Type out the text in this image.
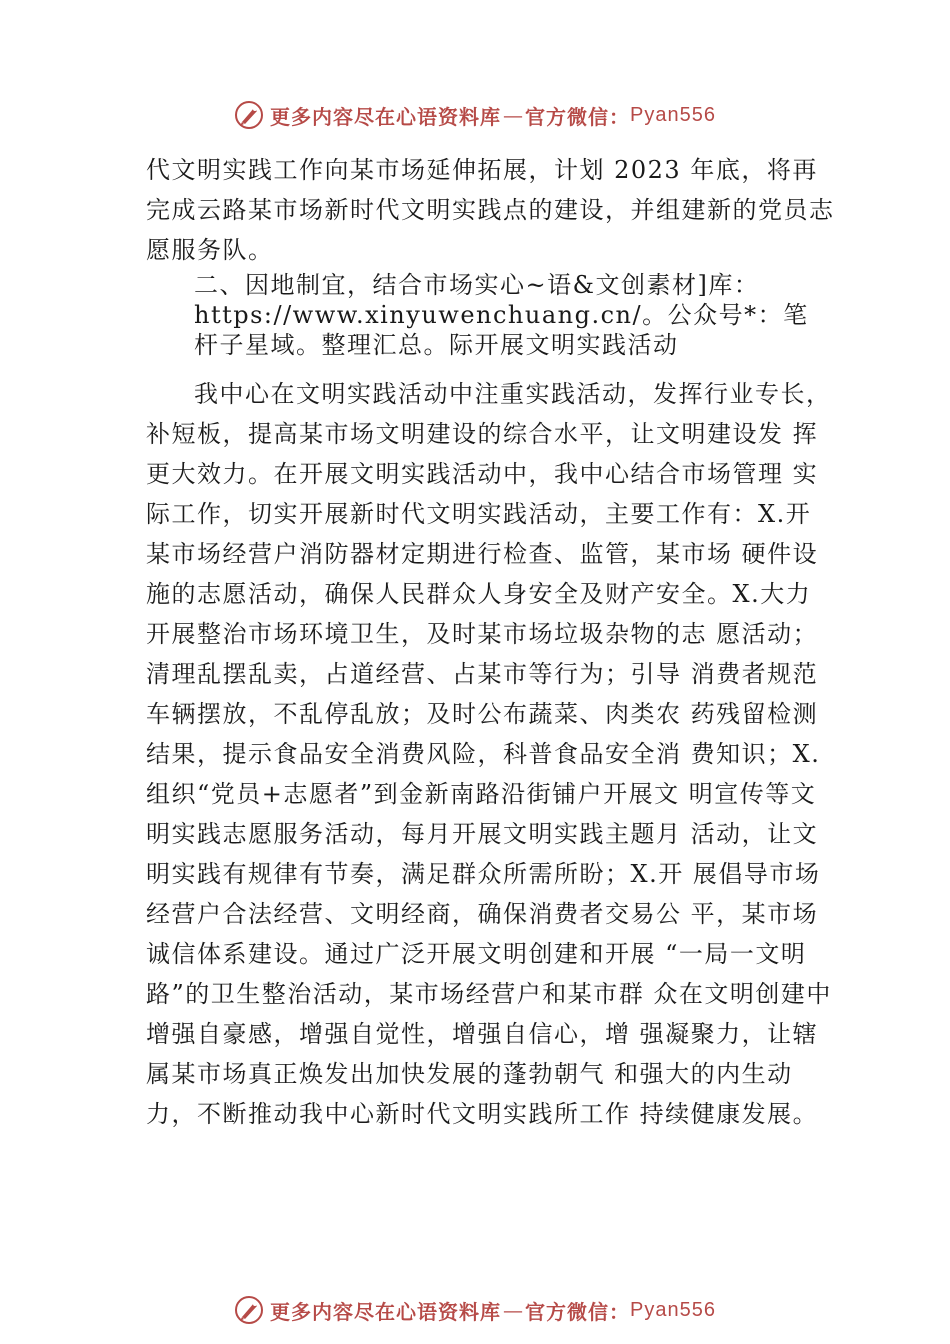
更多内容尽在心语资料库 — 官方微信： Pyan556

代文明实践工作向某市场延伸拓展，计划 2023 年底，将再完成云路某市场新时代文明实践点的建设，并组建新的党员志愿服务队。

二、因地制宜，结合市场实心~语&文创素材]库：
https://www.xinyuwenchuang.cn/。公众号*：笔杆子星域。整理汇总。际开展文明实践活动

我中心在文明实践活动中注重实践活动，发挥行业专长，补短板，提高某市场文明建设的综合水平，让文明建设发 挥更大效力。在开展文明实践活动中，我中心结合市场管理 实际工作，切实开展新时代文明实践活动，主要工作有：X.开某市场经营户消防器材定期进行检查、监管，某市场 硬件设施的志愿活动，确保人民群众人身安全及财产安全。X.大力开展整治市场环境卫生，及时某市场垃圾杂物的志 愿活动；清理乱摆乱卖，占道经营、占某市等行为；引导 消费者规范车辆摆放，不乱停乱放；及时公布蔬菜、肉类农 药残留检测结果，提示食品安全消费风险，科普食品安全消 费知识；X.组织“党员+志愿者”到金新南路沿街铺户开展文 明宣传等文明实践志愿服务活动，每月开展文明实践主题月 活动，让文明实践有规律有节奏，满足群众所需所盼；X.开 展倡导市场经营户合法经营、文明经商，确保消费者交易公 平，某市场诚信体系建设。通过广泛开展文明创建和开展 “一局一文明路”的卫生整治活动，某市场经营户和某市群 众在文明创建中增强自豪感，增强自觉性，增强自信心，增 强凝聚力，让辖属某市场真正焕发出加快发展的蓬勃朝气 和强大的内生动力，不断推动我中心新时代文明实践所工作 持续健康发展。

更多内容尽在心语资料库 — 官方微信： Pyan556
